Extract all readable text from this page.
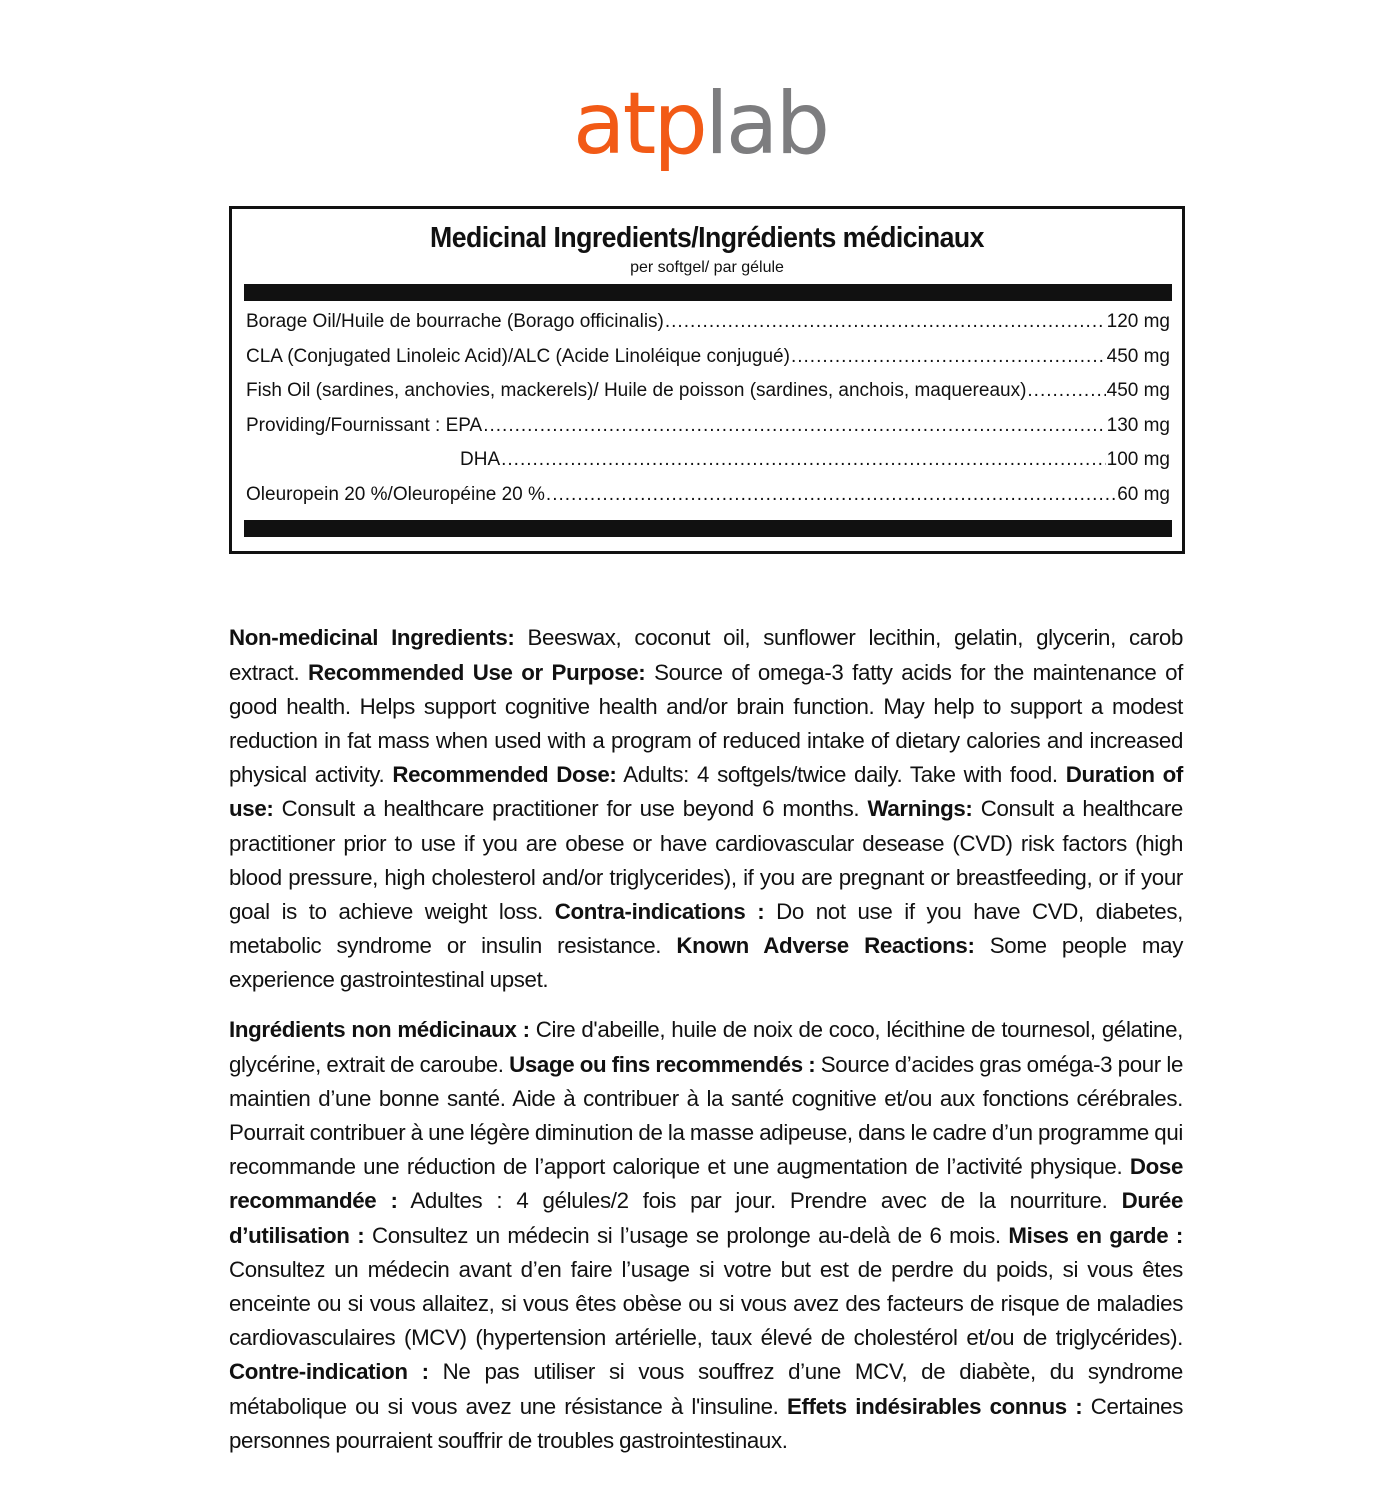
atplab
Medicinal Ingredients/Ingrédients médicinaux
per softgel/ par gélule
Borage Oil/Huile de bourrache (Borago officinalis) .....	120 mg
CLA (Conjugated Linoleic Acid)/ALC (Acide Linoléique conjugué) .....	450 mg
Fish Oil (sardines, anchovies, mackerels)/ Huile de poisson (sardines, anchois, maquereaux) .....	450 mg
Providing/Fournissant : EPA .....	130 mg
DHA .....	100 mg
Oleuropein 20 %/Oleuropéine 20 % .....	60 mg

Non-medicinal Ingredients: Beeswax, coconut oil, sunflower lecithin, gelatin, glycerin, carob extract. Recommended Use or Purpose: Source of omega-3 fatty acids for the maintenance of good health. Helps support cognitive health and/or brain function. May help to support a modest reduction in fat mass when used with a program of reduced intake of dietary calories and increased physical activity. Recommended Dose: Adults: 4 softgels/twice daily. Take with food. Duration of use: Consult a healthcare practitioner for use beyond 6 months. Warnings: Consult a healthcare practitioner prior to use if you are obese or have cardiovascular desease (CVD) risk factors (high blood pressure, high cholesterol and/or triglycerides), if you are pregnant or breastfeeding, or if your goal is to achieve weight loss. Contra-indications : Do not use if you have CVD, diabetes, metabolic syndrome or insulin resistance. Known Adverse Reactions: Some people may experience gastrointestinal upset.

Ingrédients non médicinaux : Cire d'abeille, huile de noix de coco, lécithine de tournesol, gélatine, glycérine, extrait de caroube. Usage ou fins recommendés : Source d’acides gras oméga-3 pour le maintien d’une bonne santé. Aide à contribuer à la santé cognitive et/ou aux fonctions cérébrales. Pourrait contribuer à une légère diminution de la masse adipeuse, dans le cadre d’un programme qui recommande une réduction de l’apport calorique et une augmentation de l’activité physique. Dose recommandée : Adultes : 4 gélules/2 fois par jour. Prendre avec de la nourriture. Durée d’utilisation : Consultez un médecin si l’usage se prolonge au-delà de 6 mois. Mises en garde : Consultez un médecin avant d’en faire l’usage si votre but est de perdre du poids, si vous êtes enceinte ou si vous allaitez, si vous êtes obèse ou si vous avez des facteurs de risque de maladies cardiovasculaires (MCV) (hypertension artérielle, taux élevé de cholestérol et/ou de triglycérides). Contre-indication : Ne pas utiliser si vous souffrez d’une MCV, de diabète, du syndrome métabolique ou si vous avez une résistance à l'insuline. Effets indésirables connus : Certaines personnes pourraient souffrir de troubles gastrointestinaux.
